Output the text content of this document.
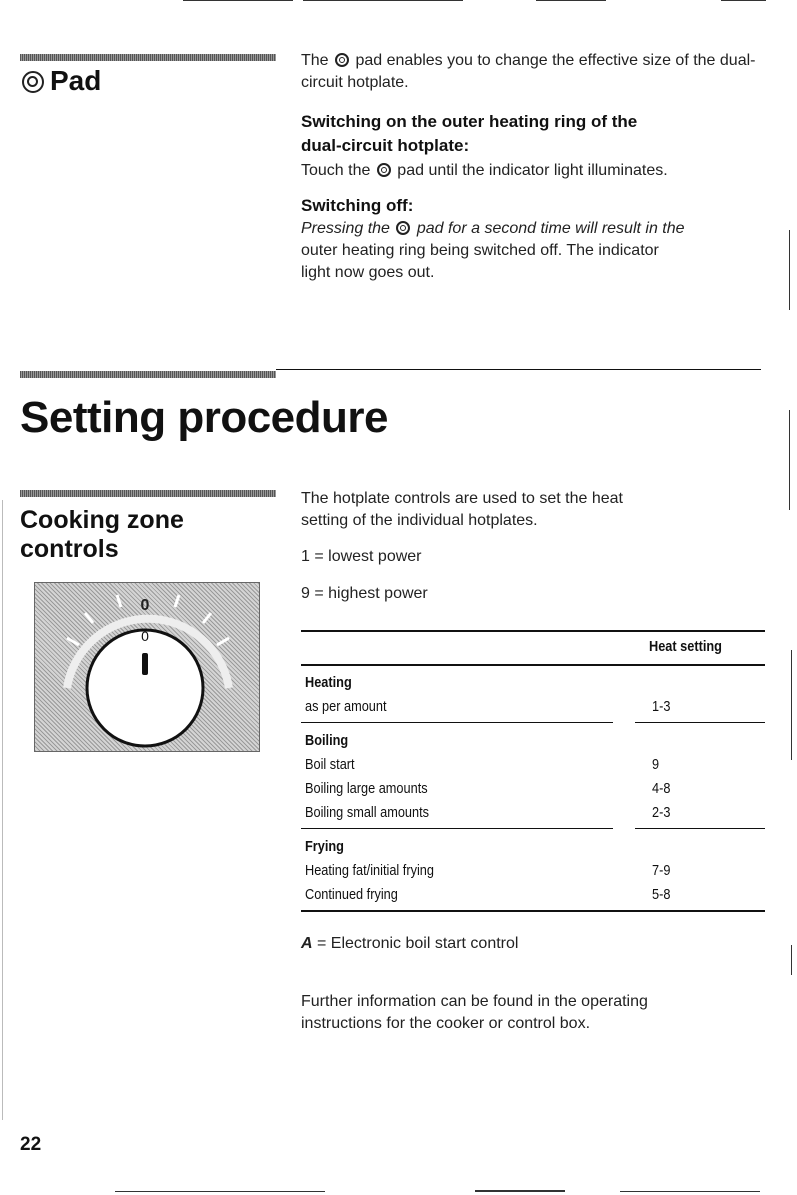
Pad
The pad enables you to change the effective size of the dual-circuit hotplate.
Switching on the outer heating ring of the
dual-circuit hotplate:
Touch the pad until the indicator light illuminates.
Switching off:
Pressing the pad for a second time will result in the
outer heating ring being switched off. The indicator
light now goes out.
Setting procedure
Cooking zone
controls
0
0
The hotplate controls are used to set the heat
setting of the individual hotplates.
1 = lowest power
9 = highest power
Heat setting
Heating
as per amount	1-3
Boiling
Boil start	9
Boiling large amounts	4-8
Boiling small amounts	2-3
Frying
Heating fat/initial frying	7-9
Continued frying	5-8
A = Electronic boil start control
Further information can be found in the operating
instructions for the cooker or control box.
22
